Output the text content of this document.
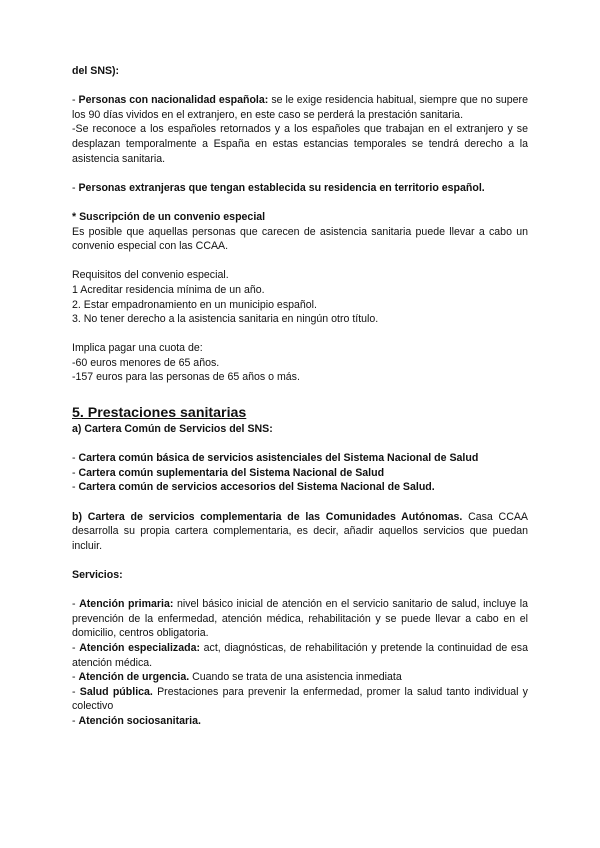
del SNS):

- Personas con nacionalidad española: se le exige residencia habitual, siempre que no supere los 90 días vividos en el extranjero, en este caso se perderá la prestación sanitaria.

-Se reconoce a los españoles retornados y a los españoles que trabajan en el extranjero y se desplazan temporalmente a España en estas estancias temporales se tendrá derecho a la asistencia sanitaria.

- Personas extranjeras que tengan establecida su residencia en territorio español.

* Suscripción de un convenio especial

Es posible que aquellas personas que carecen de asistencia sanitaria puede llevar a cabo un convenio especial con las CCAA.

Requisitos del convenio especial.

1 Acreditar residencia mínima de un año.

2. Estar empadronamiento en un municipio español.

3. No tener derecho a la asistencia sanitaria en ningún otro título.

Implica pagar una cuota de:

-60 euros menores de 65 años.

-157 euros para las personas de 65 años o más.

5. Prestaciones sanitarias

a) Cartera Común de Servicios del SNS:

- Cartera común básica de servicios asistenciales del Sistema Nacional de Salud

- Cartera común suplementaria del Sistema Nacional de Salud

- Cartera común de servicios accesorios del Sistema Nacional de Salud.

b) Cartera de servicios complementaria de las Comunidades Autónomas. Casa CCAA desarrolla su propia cartera complementaria, es decir, añadir aquellos servicios que puedan incluir.

Servicios:

- Atención primaria: nivel básico inicial de atención en el servicio sanitario de salud, incluye la prevención de la enfermedad, atención médica, rehabilitación y se puede llevar a cabo en el domicilio, centros obligatoria.

- Atención especializada: act, diagnósticas, de rehabilitación y pretende la continuidad de esa atención médica.

- Atención de urgencia. Cuando se trata de una asistencia inmediata

- Salud pública. Prestaciones para prevenir la enfermedad, promer la salud tanto individual y colectivo

- Atención sociosanitaria.
